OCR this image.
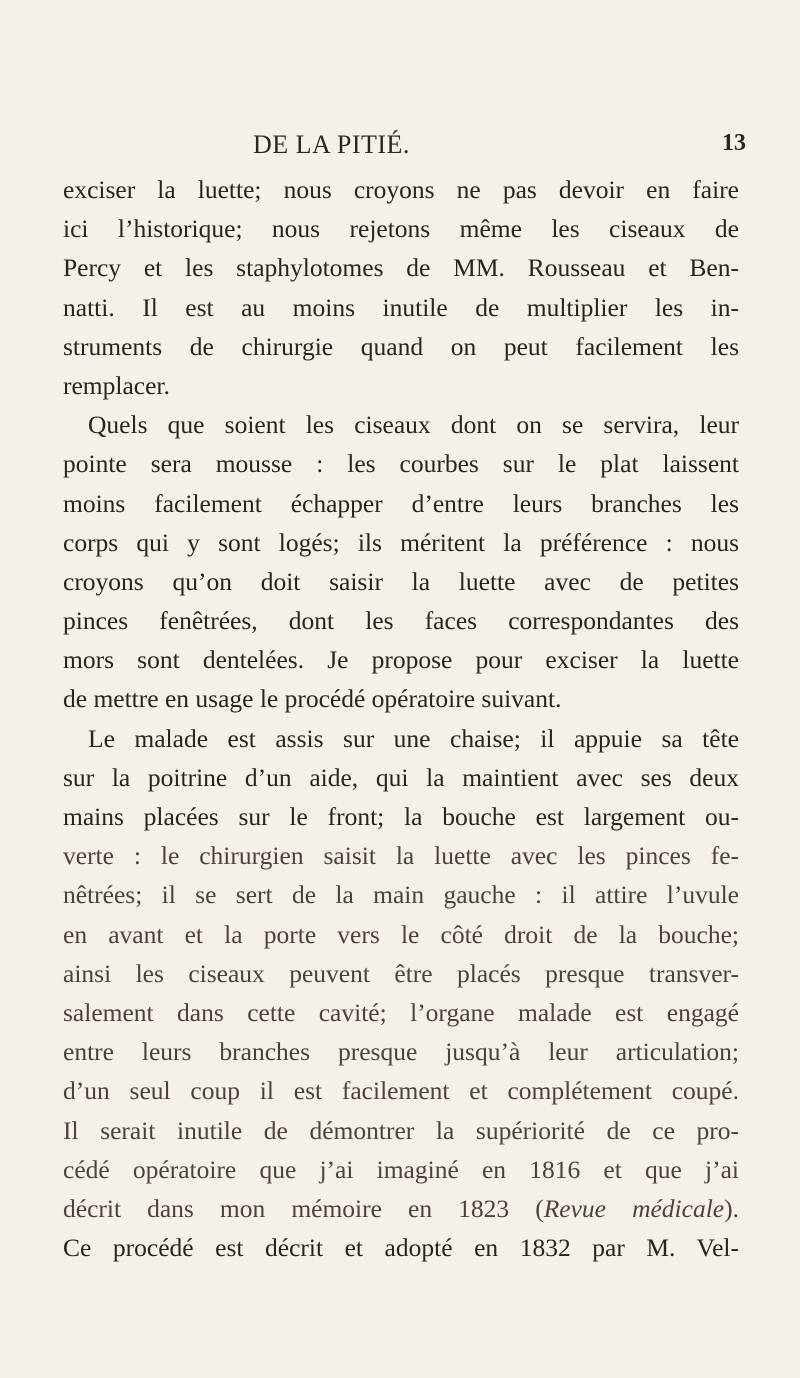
DE LA PITIÉ.	13
exciser la luette; nous croyons ne pas devoir en faire
ici l’historique; nous rejetons même les ciseaux de
Percy et les staphylotomes de MM. Rousseau et Ben-
natti. Il est au moins inutile de multiplier les in-
struments de chirurgie quand on peut facilement les
remplacer.
Quels que soient les ciseaux dont on se servira, leur
pointe sera mousse : les courbes sur le plat laissent
moins facilement échapper d’entre leurs branches les
corps qui y sont logés; ils méritent la préférence : nous
croyons qu’on doit saisir la luette avec de petites
pinces fenêtrées, dont les faces correspondantes des
mors sont dentelées. Je propose pour exciser la luette
de mettre en usage le procédé opératoire suivant.
Le malade est assis sur une chaise; il appuie sa tête
sur la poitrine d’un aide, qui la maintient avec ses deux
mains placées sur le front; la bouche est largement ou-
verte : le chirurgien saisit la luette avec les pinces fe-
nêtrées; il se sert de la main gauche : il attire l’uvule
en avant et la porte vers le côté droit de la bouche;
ainsi les ciseaux peuvent être placés presque transver-
salement dans cette cavité; l’organe malade est engagé
entre leurs branches presque jusqu’à leur articulation;
d’un seul coup il est facilement et complétement coupé.
Il serait inutile de démontrer la supériorité de ce pro-
cédé opératoire que j’ai imaginé en 1816 et que j’ai
décrit dans mon mémoire en 1823 (Revue médicale).
Ce procédé est décrit et adopté en 1832 par M. Vel-
